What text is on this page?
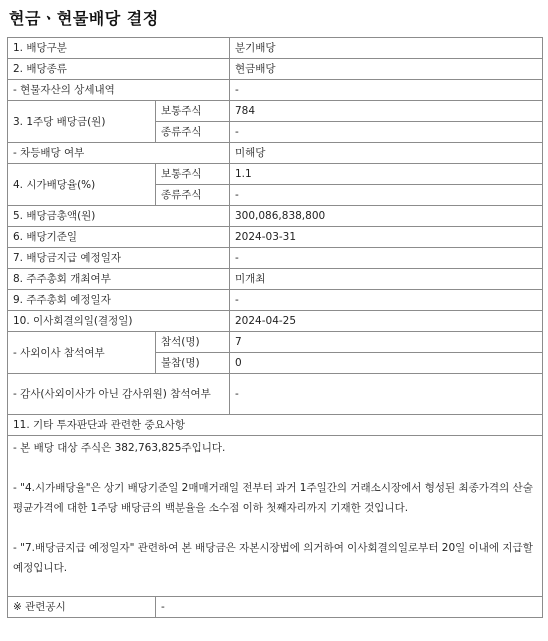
현금ㆍ현물배당 결정
1. 배당구분		분기배당
2. 배당종류		현금배당
- 현물자산의 상세내역		-
3. 1주당 배당금(원)	보통주식	784
	종류주식	-
- 차등배당 여부		미해당
4. 시가배당율(%)	보통주식	1.1
	종류주식	-
5. 배당금총액(원)		300,086,838,800
6. 배당기준일		2024-03-31
7. 배당금지급 예정일자		-
8. 주주총회 개최여부		미개최
9. 주주총회 예정일자		-
10. 이사회결의일(결정일)		2024-04-25
- 사외이사 참석여부	참석(명)	7
	불참(명)	0
- 감사(사외이사가 아닌 감사위원) 참석여부		-
11. 기타 투자판단과 관련한 중요사항		

- 본 배당 대상 주식은 382,763,825주입니다.

- "4.시가배당율"은 상기 배당기준일 2매매거래일 전부터 과거 1주일간의 거래소시장에서 형성된 최종가격의 산술평균가격에 대한 1주당 배당금의 백분율을 소수점 이하 첫째자리까지 기재한 것입니다.

- "7.배당금지급 예정일자" 관련하여 본 배당금은 자본시장법에 의거하여 이사회결의일로부터 20일 이내에 지급할 예정입니다.		

※ 관련공시	-	
